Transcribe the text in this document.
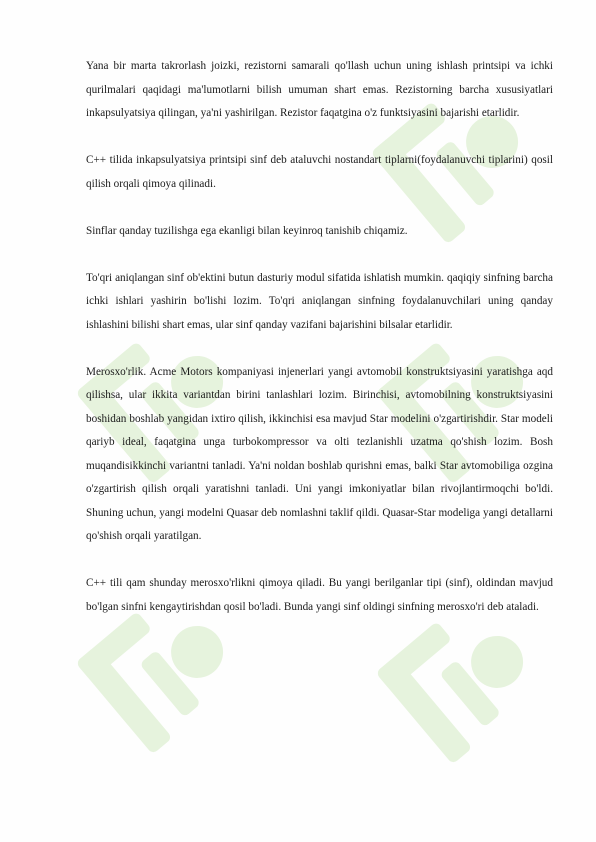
Yana bir marta takrorlash joizki, rezistorni samarali qo'llash uchun uning ishlash printsipi va ichki qurilmalari qaqidagi ma'lumotlarni bilish umuman shart emas. Rezistorning barcha xususiyatlari inkapsulyatsiya qilingan, ya'ni yashirilgan. Rezistor faqatgina o'z funktsiyasini bajarishi etarlidir.

C++ tilida inkapsulyatsiya printsipi sinf deb ataluvchi nostandart tiplarni(foydalanuvchi tiplarini) qosil qilish orqali qimoya qilinadi.

Sinflar qanday tuzilishga ega ekanligi bilan keyinroq tanishib chiqamiz.

To'qri aniqlangan sinf ob'ektini butun dasturiy modul sifatida ishlatish mumkin. qaqiqiy sinfning barcha ichki ishlari yashirin bo'lishi lozim. To'qri aniqlangan sinfning foydalanuvchilari uning qanday ishlashini bilishi shart emas, ular sinf qanday vazifani bajarishini bilsalar etarlidir.

Merosxo'rlik. Acme Motors kompaniyasi injenerlari yangi avtomobil konstruktsiyasini yaratishga aqd qilishsa, ular ikkita variantdan birini tanlashlari lozim. Birinchisi, avtomobilning konstruktsiyasini boshidan boshlab yangidan ixtiro qilish, ikkinchisi esa mavjud Star modelini o'zgartirishdir. Star modeli qariyb ideal, faqatgina unga turbokompressor va olti tezlanishli uzatma qo'shish lozim. Bosh muqandisikkinchi variantni tanladi. Ya'ni noldan boshlab qurishni emas, balki Star avtomobiliga ozgina o'zgartirish qilish orqali yaratishni tanladi. Uni yangi imkoniyatlar bilan rivojlantirmoqchi bo'ldi. Shuning uchun, yangi modelni Quasar deb nomlashni taklif qildi. Quasar-Star modeliga yangi detallarni qo'shish orqali yaratilgan.

C++ tili qam shunday merosxo'rlikni qimoya qiladi. Bu yangi berilganlar tipi (sinf), oldindan mavjud bo'lgan sinfni kengaytirishdan qosil bo'ladi. Bunda yangi sinf oldingi sinfning merosxo'ri deb ataladi.
